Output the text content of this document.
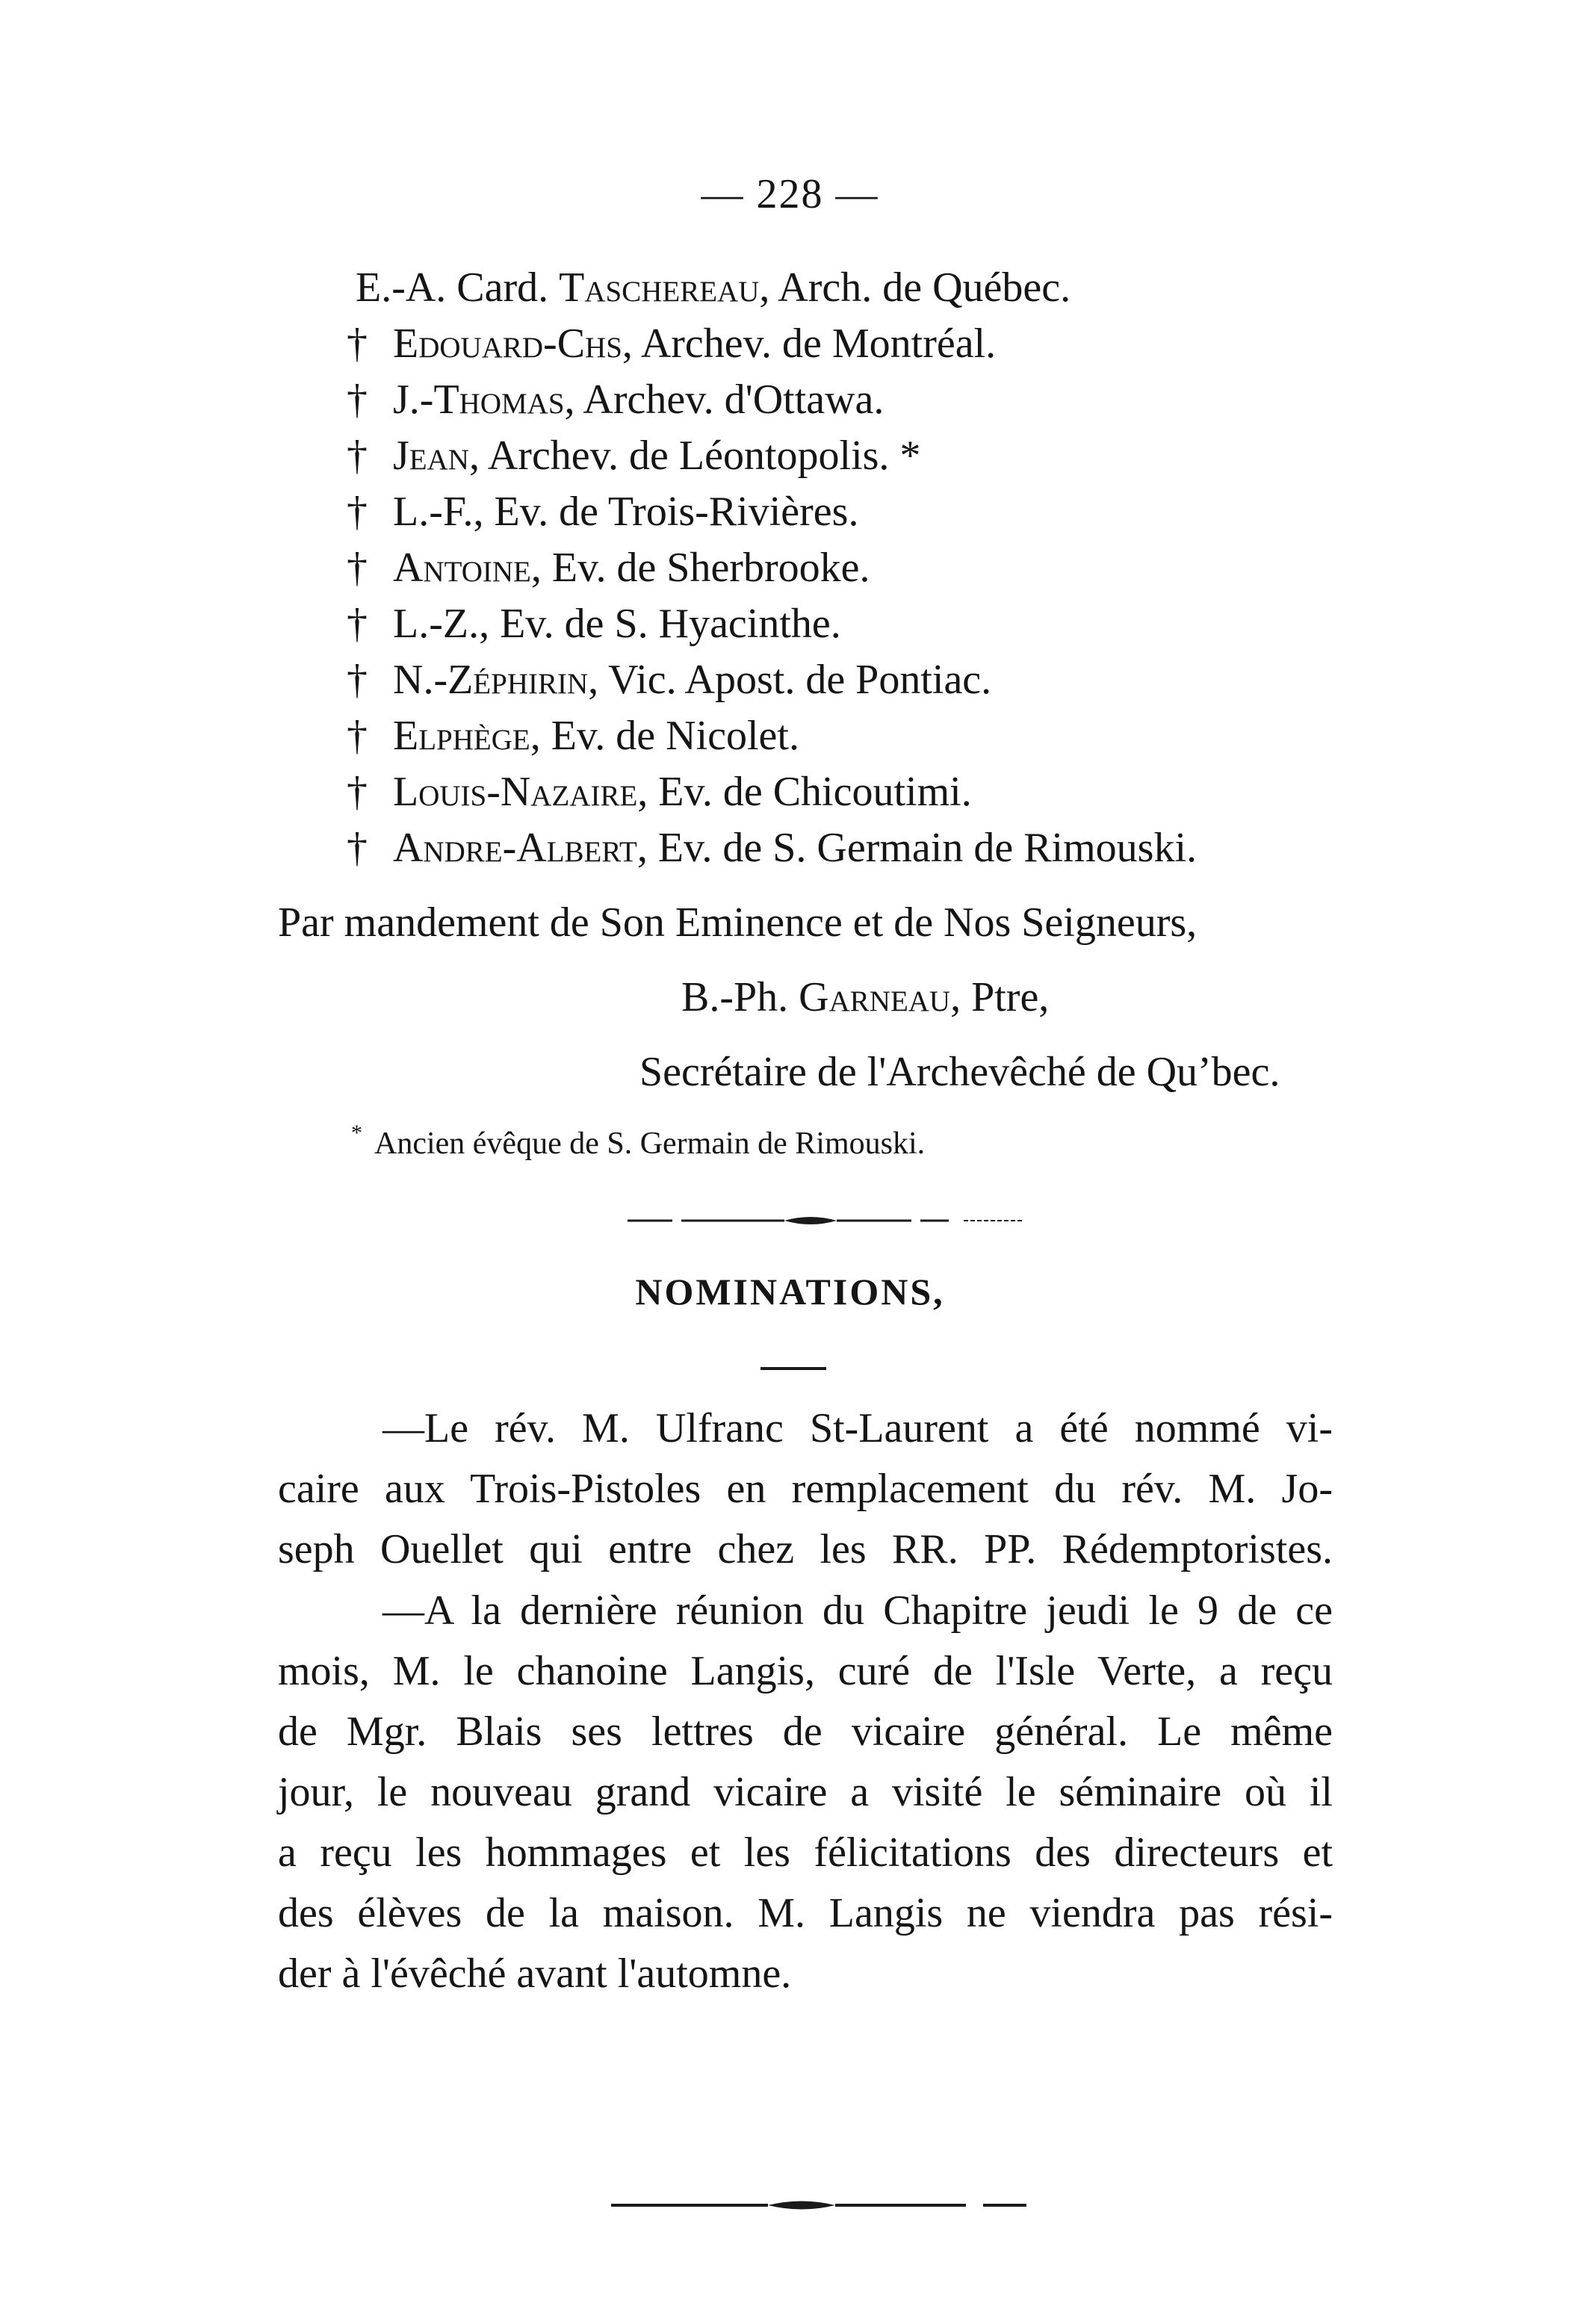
— 228 —
E.-A. Card. Taschereau, Arch. de Québec.
† Edouard-Chs, Archev. de Montréal.
† J.-Thomas, Archev. d'Ottawa.
† Jean, Archev. de Léontopolis. *
† L.-F., Ev. de Trois-Rivières.
† Antoine, Ev. de Sherbrooke.
† L.-Z., Ev. de S. Hyacinthe.
† N.-Zéphirin, Vic. Apost. de Pontiac.
† Elphège, Ev. de Nicolet.
† Louis-Nazaire, Ev. de Chicoutimi.
† Andre-Albert, Ev. de S. Germain de Rimouski.
Par mandement de Son Eminence et de Nos Seigneurs,
B.-Ph. Garneau, Ptre,
Secrétaire de l'Archevêché de Qu’bec.
* Ancien évêque de S. Germain de Rimouski.
NOMINATIONS,
—Le rév. M. Ulfranc St-Laurent a été nommé vi-
caire aux Trois-Pistoles en remplacement du rév. M. Jo-
seph Ouellet qui entre chez les RR. PP. Rédemptoristes.
—A la dernière réunion du Chapitre jeudi le 9 de ce
mois, M. le chanoine Langis, curé de l'Isle Verte, a reçu
de Mgr. Blais ses lettres de vicaire général. Le même
jour, le nouveau grand vicaire a visité le séminaire où il
a reçu les hommages et les félicitations des directeurs et
des élèves de la maison. M. Langis ne viendra pas rési-
der à l'évêché avant l'automne.
